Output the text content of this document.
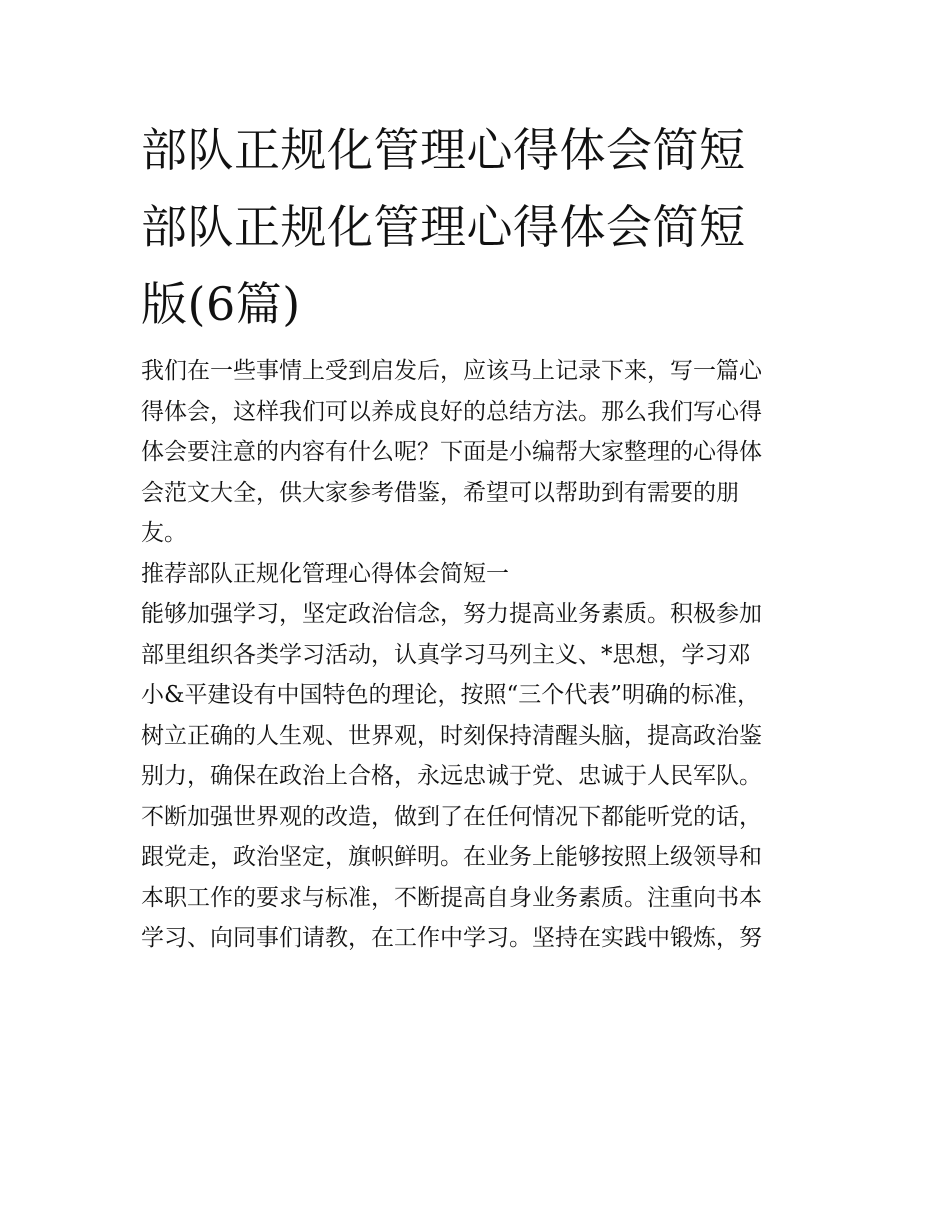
部队正规化管理心得体会简短
部队正规化管理心得体会简短
版(6篇)
我们在一些事情上受到启发后，应该马上记录下来，写一篇心
得体会，这样我们可以养成良好的总结方法。那么我们写心得
体会要注意的内容有什么呢？下面是小编帮大家整理的心得体
会范文大全，供大家参考借鉴，希望可以帮助到有需要的朋
友。
推荐部队正规化管理心得体会简短一
能够加强学习，坚定政治信念，努力提高业务素质。积极参加
部里组织各类学习活动，认真学习马列主义、*思想，学习邓
小&平建设有中国特色的理论，按照“三个代表”明确的标准，
树立正确的人生观、世界观，时刻保持清醒头脑，提高政治鉴
别力，确保在政治上合格，永远忠诚于党、忠诚于人民军队。
不断加强世界观的改造，做到了在任何情况下都能听党的话，
跟党走，政治坚定，旗帜鲜明。在业务上能够按照上级领导和
本职工作的要求与标准，不断提高自身业务素质。注重向书本
学习、向同事们请教，在工作中学习。坚持在实践中锻炼，努
